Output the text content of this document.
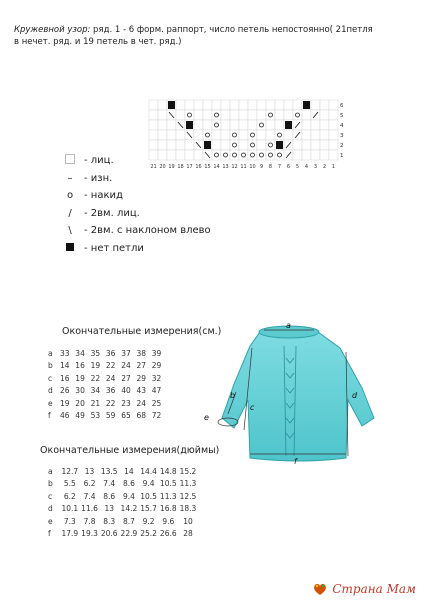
Кружевной узор: ряд. 1 - 6 форм. раппорт, число петель непостоянно( 21петля в нечет. ряд. и 19 петель в чет. ряд.)
6
5
4
3
2
1
21 20 19 18 17 16 15 14 13 12 11 10 9 8 7 6 5 4 3 2 1
- лиц.
–	- изн.
o	- накид
/	- 2вм. лиц.
\	- 2вм. с наклоном влево
- нет петли
Окончательные измерения(см.)
a	33	34	35	36	37	38	39
b	14	16	19	22	24	27	29
c	16	19	22	24	27	29	32
d	26	30	34	36	40	43	47
e	19	20	21	22	23	24	25
f	46	49	53	59	65	68	72
Окончательные измерения(дюймы)
a	12.7	13	13.5	14	14.4	14.8	15.2
b	5.5	6.2	7.4	8.6	9.4	10.5	11.3
c	6.2	7.4	8.6	9.4	10.5	11.3	12.5
d	10.1	11.6	13	14.2	15.7	16.8	18.3
e	7.3	7.8	8.3	8.7	9.2	9.6	10
f	17.9	19.3	20.6	22.9	25.2	26.6	28
a
b
c
d
e
f
Страна Мам
